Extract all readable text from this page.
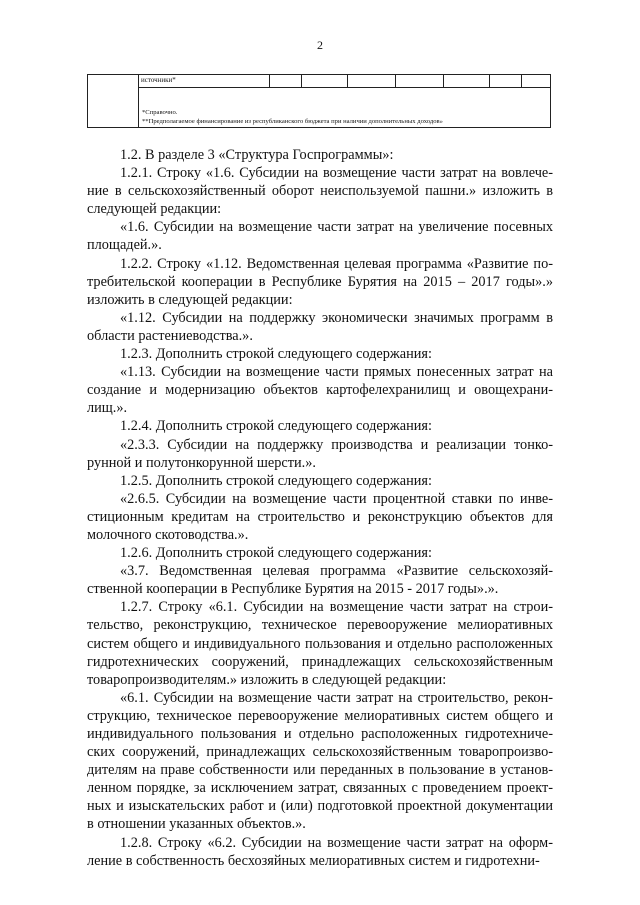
2
источники*
*Справочно.
**Предполагаемое финансирование из республиканского бюджета при наличии дополнительных доходов»

1.2. В разделе 3 «Структура Госпрограммы»:

1.2.1. Строку «1.6. Субсидии на возмещение части затрат на вовлечение в сельскохозяйственный оборот неиспользуемой пашни.» изложить в следующей редакции:

«1.6. Субсидии на возмещение части затрат на увеличение посевных площадей.».

1.2.2. Строку «1.12. Ведомственная целевая программа «Развитие потребительской кооперации в Республике Бурятия на 2015 – 2017 годы».» изложить в следующей редакции:

«1.12. Субсидии на поддержку экономически значимых программ в области растениеводства.».

1.2.3. Дополнить строкой следующего содержания:

«1.13. Субсидии на возмещение части прямых понесенных затрат на создание и модернизацию объектов картофелехранилищ и овощехранилищ.».

1.2.4. Дополнить строкой следующего содержания:

«2.3.3. Субсидии на поддержку производства и реализации тонкорунной и полутонкорунной шерсти.».

1.2.5. Дополнить строкой следующего содержания:

«2.6.5. Субсидии на возмещение части процентной ставки по инвестиционным кредитам на строительство и реконструкцию объектов для молочного скотоводства.».

1.2.6. Дополнить строкой следующего содержания:

«3.7. Ведомственная целевая программа «Развитие сельскохозяйственной кооперации в Республике Бурятия на 2015 - 2017 годы».».

1.2.7. Строку «6.1. Субсидии на возмещение части затрат на строительство, реконструкцию, техническое перевооружение мелиоративных систем общего и индивидуального пользования и отдельно расположенных гидротехнических сооружений, принадлежащих сельскохозяйственным товаропроизводителям.» изложить в следующей редакции:

«6.1. Субсидии на возмещение части затрат на строительство, реконструкцию, техническое перевооружение мелиоративных систем общего и индивидуального пользования и отдельно расположенных гидротехнических сооружений, принадлежащих сельскохозяйственным товаропроизводителям на праве собственности или переданных в пользование в установленном порядке, за исключением затрат, связанных с проведением проектных и изыскательских работ и (или) подготовкой проектной документации в отношении указанных объектов.».

1.2.8. Строку «6.2. Субсидии на возмещение части затрат на оформление в собственность бесхозяйных мелиоративных систем и гидротехни-
